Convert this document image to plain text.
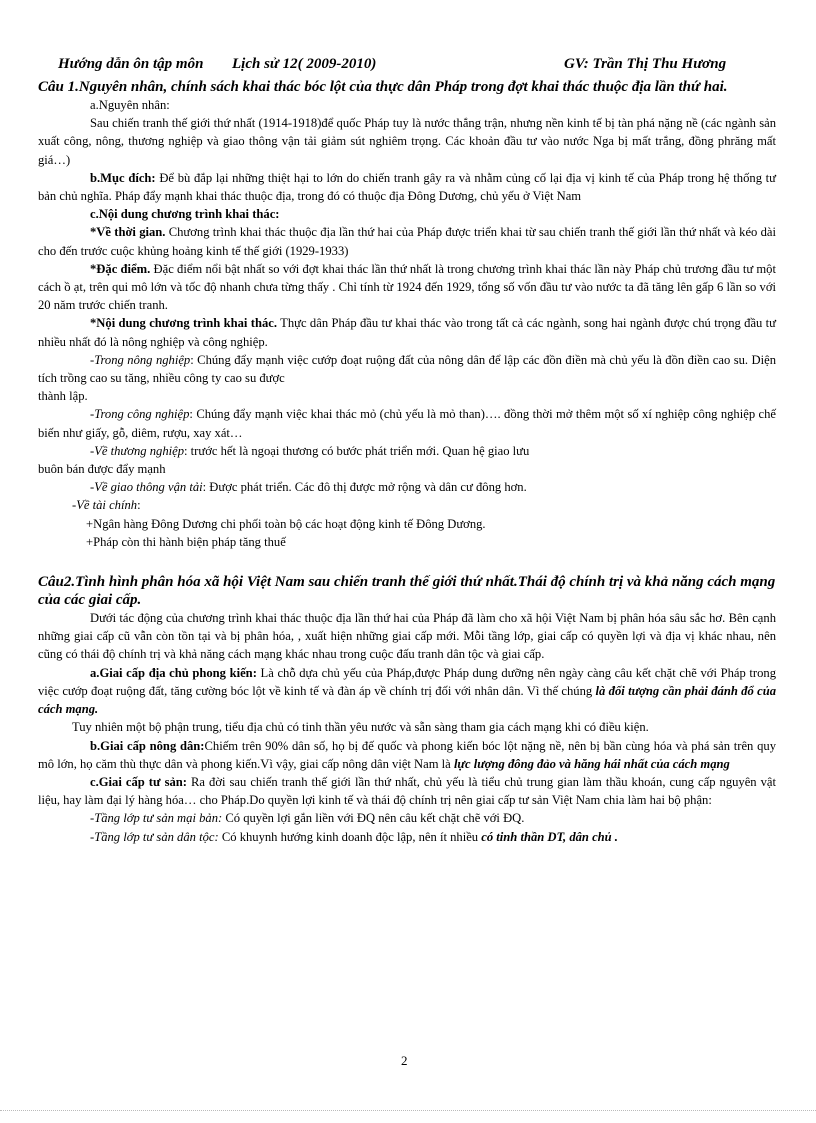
Hướng dẫn ôn tập môn Lịch sử 12( 2009-2010)	GV: Trần Thị Thu Hương

Câu 1.Nguyên nhân, chính sách khai thác bóc lột của thực dân Pháp trong đợt khai thác thuộc địa lần thứ hai.

a.Nguyên nhân:

Sau chiến tranh thế giới thứ nhất (1914-1918)để quốc Pháp tuy là nước thắng trận, nhưng nền kinh tế bị tàn phá nặng nề (các ngành sản xuất công, nông, thương nghiệp và giao thông vận tải giảm sút nghiêm trọng. Các khoản đầu tư vào nước Nga bị mất trắng, đồng phrăng mất giá…)

b.Mục đích: Để bù đắp lại những thiệt hại to lớn do chiến tranh gây ra và nhằm củng cố lại địa vị kinh tế của Pháp trong hệ thống tư bản chủ nghĩa. Pháp đẩy mạnh khai thác thuộc địa, trong đó có thuộc địa Đông Dương, chủ yếu ở Việt Nam

c.Nội dung chương trình khai thác:

*Về thời gian. Chương trình khai thác thuộc địa lần thứ hai của Pháp được triển khai từ sau chiến tranh thế giới lần thứ nhất và kéo dài cho đến trước cuộc khủng hoảng kinh tế thế giới (1929-1933)

*Đặc điểm. Đặc điểm nổi bật nhất so với đợt khai thác lần thứ nhất là trong chương trình khai thác lần này Pháp chủ trương đầu tư một cách ồ ạt, trên qui mô lớn và tốc độ nhanh chưa từng thấy . Chỉ tính từ 1924 đến 1929, tổng số vốn đầu tư vào nước ta đã tăng lên gấp 6 lần so với 20 năm trước chiến tranh.

*Nội dung chương trình khai thác. Thực dân Pháp đầu tư khai thác vào trong tất cả các ngành, song hai ngành được chú trọng đầu tư nhiều nhất đó là nông nghiệp và công nghiệp.

-Trong nông nghiệp: Chúng đẩy mạnh việc cướp đoạt ruộng đất của nông dân để lập các đồn điền mà chủ yếu là đồn điền cao su. Diện tích trồng cao su tăng, nhiều công ty cao su được

thành lập.

-Trong công nghiệp: Chúng đẩy mạnh việc khai thác mỏ (chủ yếu là mỏ than)…. đồng thời mở thêm một số xí nghiệp công nghiệp chế biến như giấy, gỗ, diêm, rượu, xay xát…

-Về thương nghiệp: trước hết là ngoại thương có bước phát triển mới. Quan hệ giao lưu

buôn bán được đẩy mạnh

-Về giao thông vận tải: Được phát triển. Các đô thị được mở rộng và dân cư đông hơn.

-Về tài chính:

+Ngân hàng Đông Dương chi phối toàn bộ các hoạt động kinh tế Đông Dương.

+Pháp còn thi hành biện pháp tăng thuế

Câu2.Tình hình phân hóa xã hội Việt Nam sau chiến tranh thế giới thứ nhất.Thái độ chính trị và khả năng cách mạng của các giai cấp.

Dưới tác động của chương trình khai thác thuộc địa lần thứ hai của Pháp đã làm cho xã hội Việt Nam bị phân hóa sâu sắc hơ. Bên cạnh những giai cấp cũ vẫn còn tồn tại và bị phân hóa, , xuất hiện những giai cấp mới. Mỗi tầng lớp, giai cấp có quyền lợi và địa vị khác nhau, nên cũng có thái độ chính trị và khả năng cách mạng khác nhau trong cuộc đấu tranh dân tộc và giai cấp.

a.Giai cấp địa chủ phong kiến: Là chỗ dựa chủ yếu của Pháp,được Pháp dung dưỡng nên ngày càng câu kết chặt chẽ với Pháp trong việc cướp đoạt ruộng đất, tăng cường bóc lột về kinh tế và đàn áp về chính trị đối với nhân dân. Vì thế chúng là đối tượng cần phải đánh đổ của cách mạng.

Tuy nhiên một bộ phận trung, tiểu địa chủ có tinh thần yêu nước và sẵn sàng tham gia cách mạng khi có điều kiện.

b.Giai cấp nông dân:Chiếm trên 90% dân số, họ bị đế quốc và phong kiến bóc lột nặng nề, nên bị bần cùng hóa và phá sản trên quy mô lớn, họ căm thù thực dân và phong kiến.Vì vậy, giai cấp nông dân việt Nam là lực lượng đông đảo và hăng hái nhất của cách mạng

c.Giai cấp tư sản: Ra đời sau chiến tranh thế giới lần thứ nhất, chủ yếu là tiểu chủ trung gian làm thầu khoán, cung cấp nguyên vật liệu, hay làm đại lý hàng hóa… cho Pháp.Do quyền lợi kinh tế và thái độ chính trị nên giai cấp tư sản Việt Nam chia làm hai bộ phận:

-Tầng lớp tư sản mại bản: Có quyền lợi gắn liền với ĐQ nên câu kết chặt chẽ với ĐQ.

-Tầng lớp tư sản dân tộc: Có khuynh hướng kinh doanh độc lập, nên ít nhiều có tinh thần DT, dân chủ .

2
